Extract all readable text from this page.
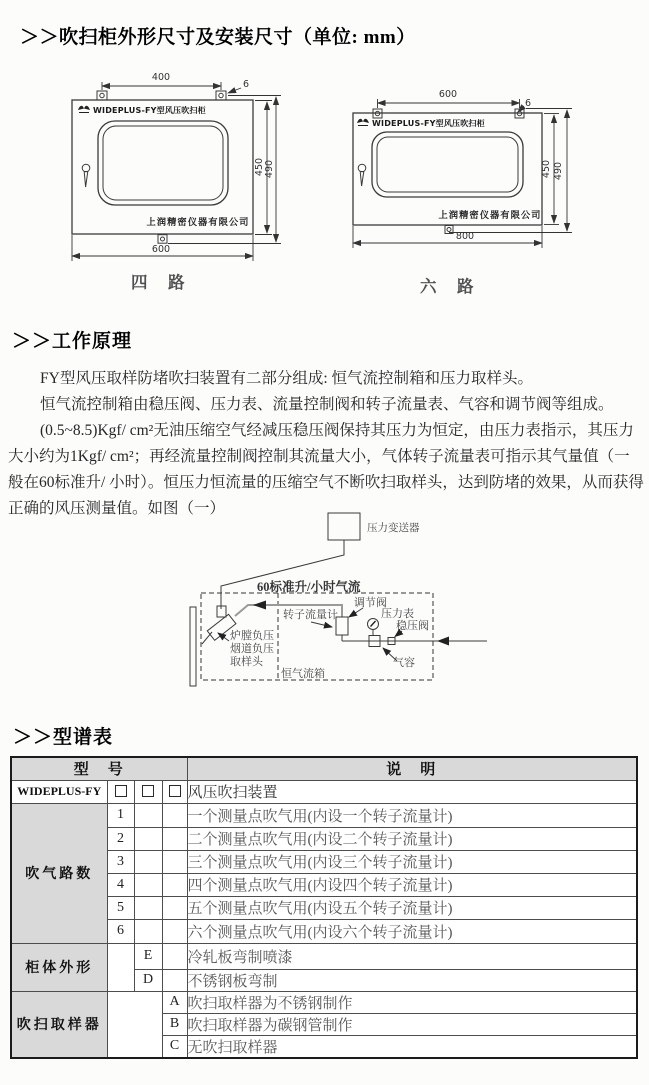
＞＞吹扫柜外形尺寸及安装尺寸（单位: mm）
400
6
450 490
WIDEPLUS-FY型风压吹扫柜
上润精密仪器有限公司
600
四　路
600
6
450 490
WIDEPLUS-FY型风压吹扫柜
上润精密仪器有限公司
800
六　路
＞＞工作原理

FY型风压取样防堵吹扫装置有二部分组成: 恒气流控制箱和压力取样头。

恒气流控制箱由稳压阀、压力表、流量控制阀和转子流量表、气容和调节阀等组成。

(0.5~8.5)Kgf/ cm²无油压缩空气经减压稳压阀保持其压力为恒定，由压力表指示，其压力大小约为1Kgf/ cm²；再经流量控制阀控制其流量大小，气体转子流量表可指示其气量值（一般在60标准升/ 小时）。恒压力恒流量的压缩空气不断吹扫取样头，达到防堵的效果，从而获得正确的风压测量值。如图（一）

压力变送器
60标准升/小时气流
转子流量计
调节阀
压力表
稳压阀
气容
恒气流箱
炉膛负压
烟道负压
取样头
＞＞型谱表
型　号				说　明
WIDEPLUS-FY				风压吹扫装置
吹气路数	1			一个测量点吹气用(内设一个转子流量计)
	2			二个测量点吹气用(内设二个转子流量计)
	3			三个测量点吹气用(内设三个转子流量计)
	4			四个测量点吹气用(内设四个转子流量计)
	5			五个测量点吹气用(内设五个转子流量计)
	6			六个测量点吹气用(内设六个转子流量计)
柜体外形		E		冷轧板弯制喷漆
		D		不锈钢板弯制
吹扫取样器			A	吹扫取样器为不锈钢制作
			B	吹扫取样器为碳钢管制作
			C	无吹扫取样器
